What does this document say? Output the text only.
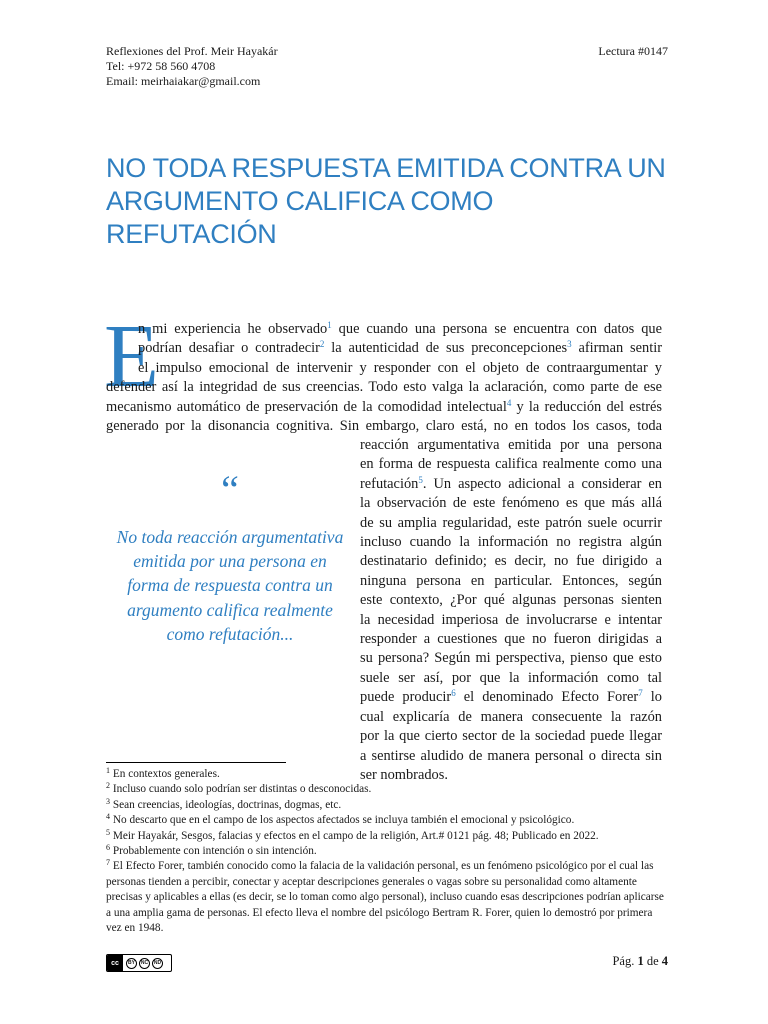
Reflexiones del Prof. Meir Hayakár
Tel: +972 58 560 4708
Email: meirhaiakar@gmail.com
Lectura #0147
NO TODA RESPUESTA EMITIDA CONTRA UN ARGUMENTO CALIFICA COMO REFUTACIÓN
E
n mi experiencia he observado$^1$ que cuando una persona se encuentra con datos que
podrían desafiar o contradecir$^2$ la autenticidad de sus preconcepciones$^3$ afirman sentir
el impulso emocional de intervenir y responder con el objeto de contraargumentar y
defender así la integridad de sus creencias. Todo esto valga la aclaración, como parte de ese
mecanismo automático de preservación de la comodidad intelectual$^4$ y la reducción del estrés
generado por la disonancia cognitiva. Sin embargo, claro está, no en todos los casos, toda
“

No toda reacción argumentativa emitida por una persona en forma de respuesta contra un argumento califica realmente como refutación...

reacción argumentativa emitida por una persona
en forma de respuesta califica realmente como una
refutación$^5$. Un aspecto adicional a considerar en
la observación de este fenómeno es que más allá
de su amplia regularidad, este patrón suele ocurrir
incluso cuando la información no registra algún
destinatario definido; es decir, no fue dirigido a
ninguna persona en particular. Entonces, según
este contexto, ¿Por qué algunas personas sienten
la necesidad imperiosa de involucrarse e intentar
responder a cuestiones que no fueron dirigidas a
su persona? Según mi perspectiva, pienso que esto
suele ser así, por que la información como tal
puede producir$^6$ el denominado Efecto Forer$^7$ lo
cual explicaría de manera consecuente la razón
por la que cierto sector de la sociedad puede llegar
a sentirse aludido de manera personal o directa sin
ser nombrados.
$^1$ En contextos generales.
$^2$ Incluso cuando solo podrían ser distintas o desconocidas.
$^3$ Sean creencias, ideologías, doctrinas, dogmas, etc.
$^4$ No descarto que en el campo de los aspectos afectados se incluya también el emocional y psicológico.
$^5$ Meir Hayakár, Sesgos, falacias y efectos en el campo de la religión, Art.# 0121 pág. 48; Publicado en 2022.
$^6$ Probablemente con intención o sin intención.
$^7$ El Efecto Forer, también conocido como la falacia de la validación personal, es un fenómeno psicológico por el cual las personas tienden a percibir, conectar y aceptar descripciones generales o vagas sobre su personalidad como altamente precisas y aplicables a ellas (es decir, se lo toman como algo personal), incluso cuando esas descripciones podrían aplicarse a una amplia gama de personas. El efecto lleva el nombre del psicólogo Bertram R. Forer, quien lo demostró por primera vez en 1948.
cc	BY	NC	ND	Pág. 1 de 4
